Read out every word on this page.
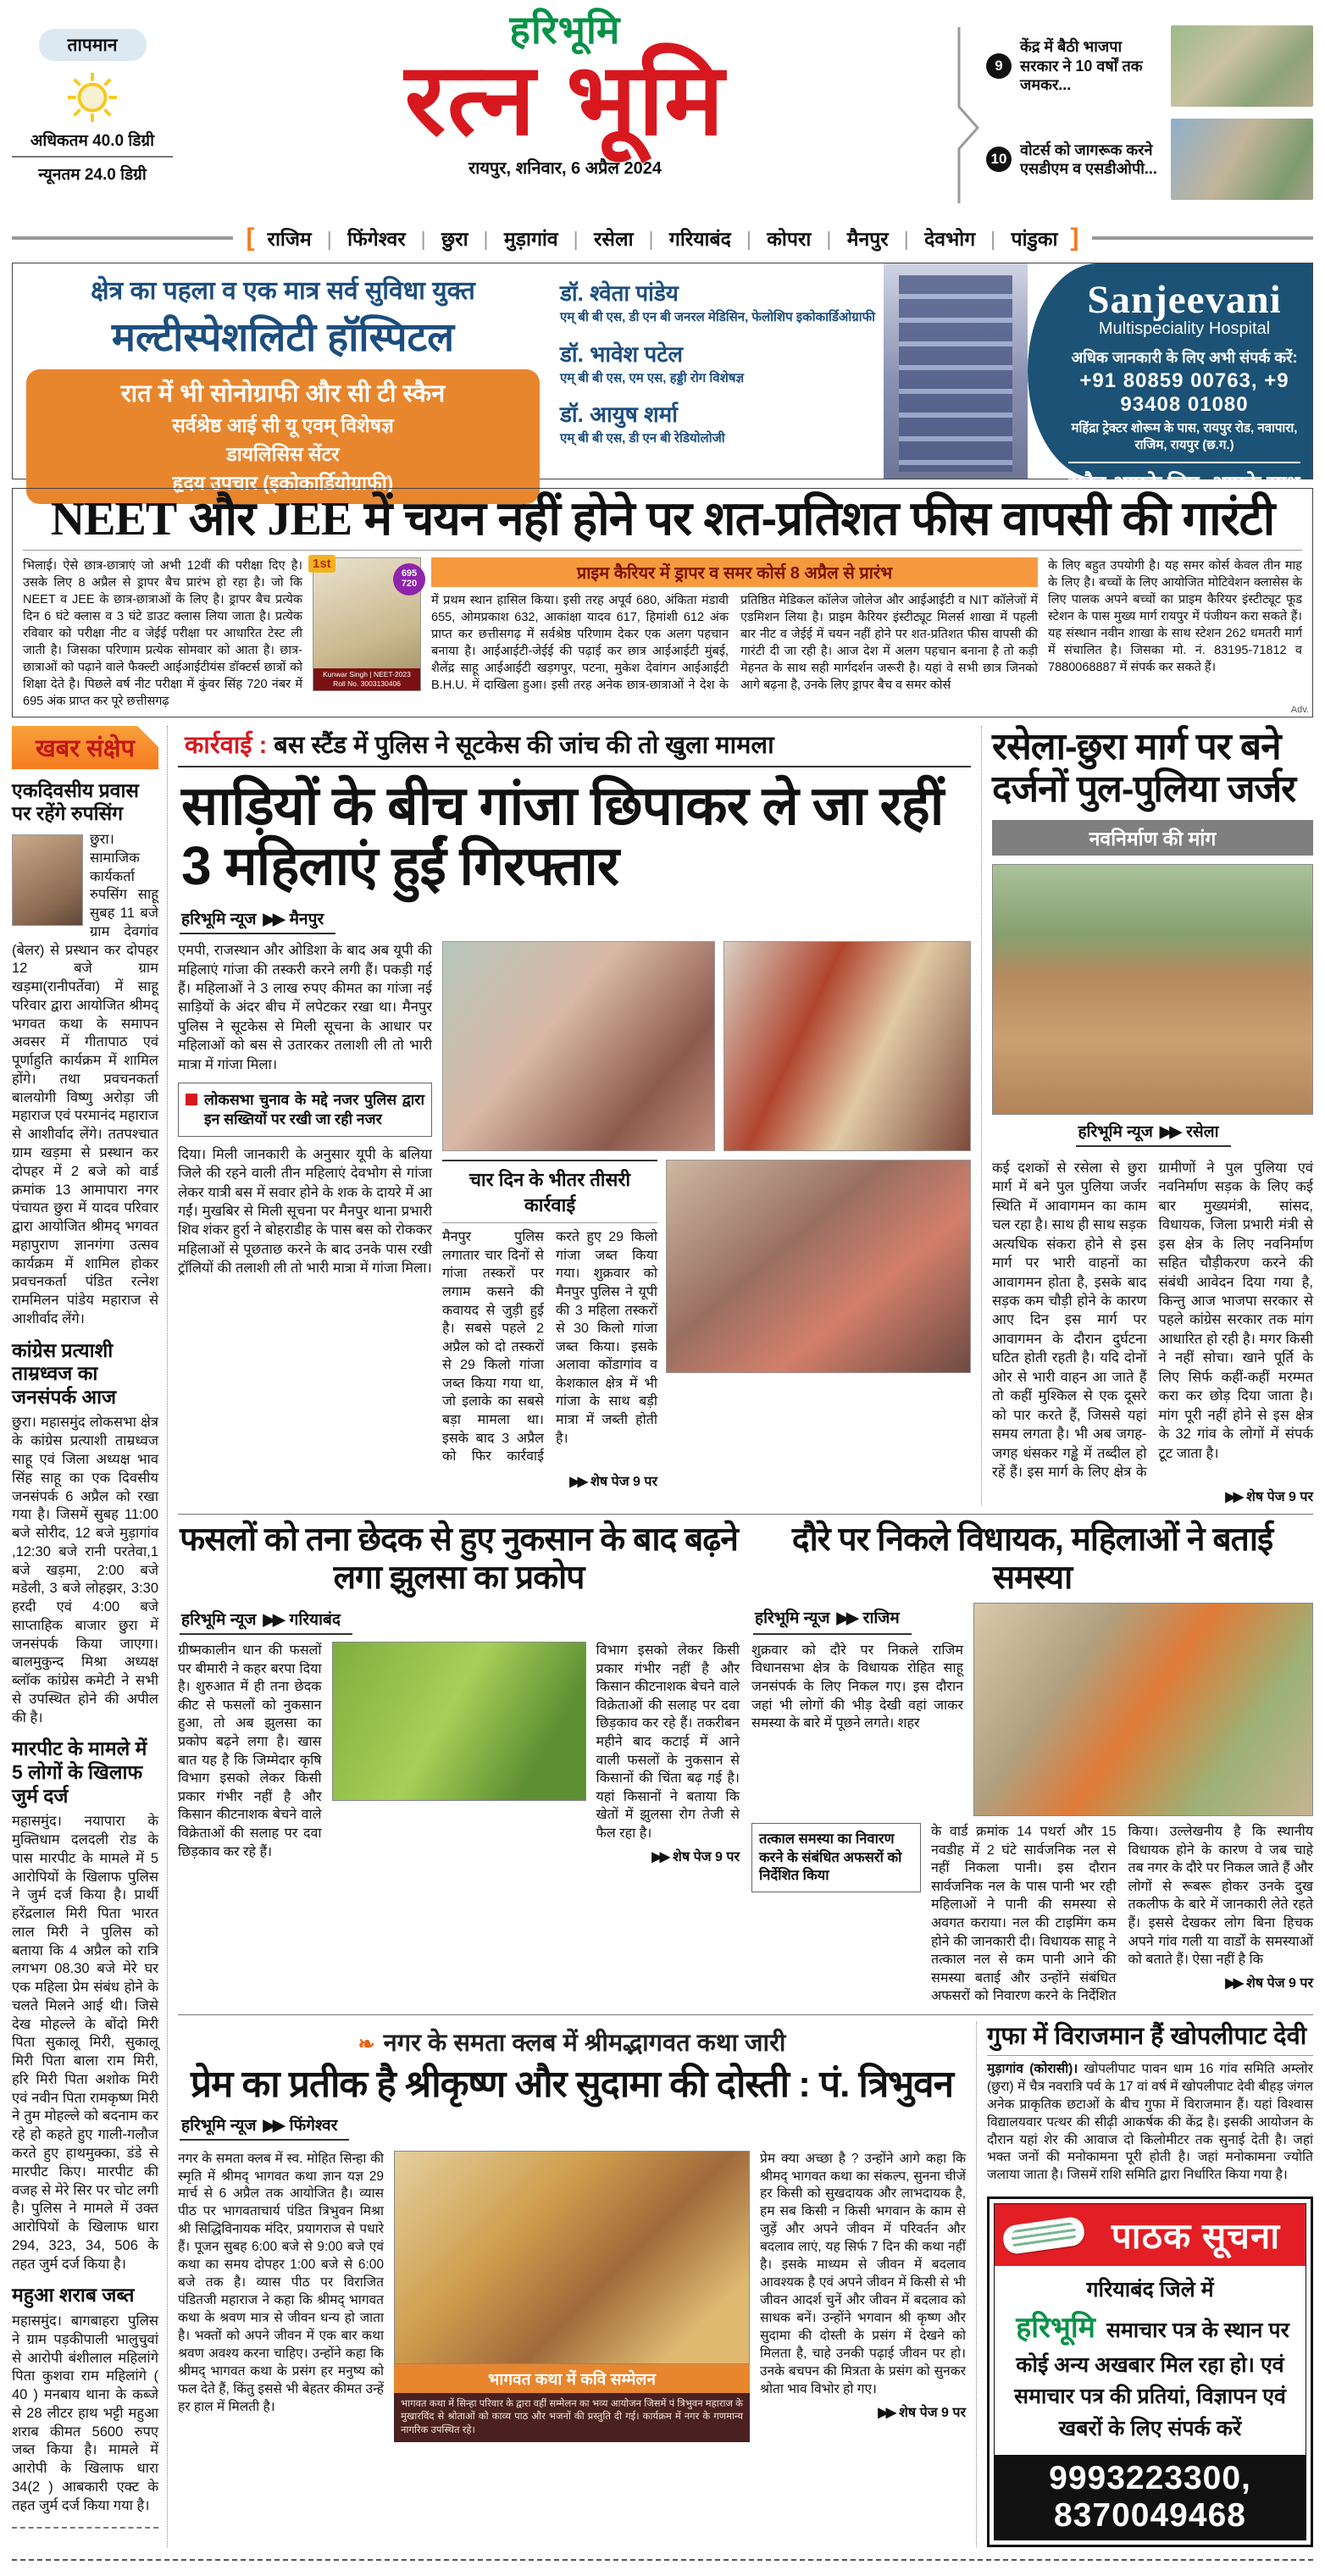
तापमान
अधिकतम 40.0 डिग्री
न्यूनतम 24.0 डिग्री
हरिभूमि
रत्न भूमि
रायपुर, शनिवार, 6 अप्रैल 2024
9
केंद्र में बैठी भाजपा सरकार ने 10 वर्षों तक जमकर...
10
वोटर्स को जागरूक करने एसडीएम व एसडीओपी...
[ राजिम	| फिंगेश्वर	| छुरा	| मुड़ागांव	| रसेला	| गरियाबंद	| कोपरा	| मैनपुर	| देवभोग	| पांडुका ]
क्षेत्र का पहला व एक मात्र सर्व सुविधा युक्त
मल्टीस्पेशलिटी हॉस्पिटल
रात में भी सोनोग्राफी और सी टी स्कैन
सर्वश्रेष्ठ आई सी यू एवम् विशेषज्ञ
डायलिसिस सेंटर
हृदय उपचार (इकोकार्डियोग्राफी)
डॉ. श्वेता पांडेय
एम् बी बी एस, डी एन बी जनरल मेडिसिन, फेलोशिप इकोकार्डिओग्राफी
डॉ. भावेश पटेल
एम् बी बी एस, एम एस, हड्डी रोग विशेषज्ञ
डॉ. आयुष शर्मा
एम् बी बी एस, डी एन बी रेडियोलोजी
Sanjeevani
Multispeciality Hospital
अधिक जानकारी के लिए अभी संपर्क करें:
+91 80859 00763, +9 93408 01080
महिंद्रा ट्रेक्टर शोरूम के पास, रायपुर रोड, नवापारा, राजिम, रायपुर (छ.ग.)
सदैव आपके लिए, आपके साथ
NEET और JEE में चयन नहीं होने पर शत-प्रतिशत फीस वापसी की गारंटी
भिलाई। ऐसे छात्र-छात्राएं जो अभी 12वीं की परीक्षा दिए है। उसके लिए 8 अप्रैल से ड्रापर बैच प्रारंभ हो रहा है। जो कि NEET व JEE के छात्र-छात्राओं के लिए है। ड्रापर बैच प्रत्येक दिन 6 घंटे क्लास व 3 घंटे डाउट क्लास लिया जाता है। प्रत्येक रविवार को परीक्षा नीट व जेईई परीक्षा पर आधारित टेस्ट ली जाती है। जिसका परिणाम प्रत्येक सोमवार को आता है। छात्र-छात्राओं को पढ़ाने वाले फैक्ल्टी आईआईटीयंस डॉक्टर्स छात्रों को शिक्षा देते है। पिछले वर्ष नीट परीक्षा में कुंवर सिंह 720 नंबर में 695 अंक प्राप्त कर पूरे छत्तीसगढ़
1st
695 720
Kunwar Singh | NEET-2023
Roll No. 3003130406
प्राइम कैरियर में ड्रापर व समर कोर्स 8 अप्रैल से प्रारंभ
में प्रथम स्थान हासिल किया। इसी तरह अपूर्व 680, अंकिता मंडावी 655, ओमप्रकाश 632, आकांक्षा यादव 617, हिमांशी 612 अंक प्राप्त कर छत्तीसगढ़ में सर्वश्रेष्ठ परिणाम देकर एक अलग पहचान बनाया है। आईआईटी-जेईई की पढ़ाई कर छात्र आईआईटी मुंबई, शैलेंद्र साहू आईआईटी खड़गपुर, पटना, मुकेश देवांगन आईआईटी B.H.U. में दाखिला हुआ। इसी तरह अनेक छात्र-छात्राओं ने देश के प्रतिष्ठित मेडिकल कॉलेज जोलेज और आईआईटी व NIT कॉलेजों में एडमिशन लिया है। प्राइम कैरियर इंस्टीट्यूट मिलर्स शाखा में पहली बार नीट व जेईई में चयन नहीं होने पर शत-प्रतिशत फीस वापसी की गारंटी दी जा रही है। आज देश में अलग पहचान बनाना है तो कड़ी मेहनत के साथ सही मार्गदर्शन जरूरी है। यहां वे सभी छात्र जिनको आगे बढ़ना है, उनके लिए ड्रापर बैच व समर कोर्स
के लिए बहुत उपयोगी है। यह समर कोर्स केवल तीन माह के लिए है। बच्चों के लिए आयोजित मोटिवेशन क्लासेस के लिए पालक अपने बच्चों का प्राइम कैरियर इंस्टीट्यूट फूड स्टेशन के पास मुख्य मार्ग रायपुर में पंजीयन करा सकते हैं। यह संस्थान नवीन शाखा के साथ स्टेशन 262 धमतरी मार्ग में संचालित है। जिसका मो. नं. 83195-71812 व 7880068887 में संपर्क कर सकते हैं।
Adv.
खबर संक्षेप
एकदिवसीय प्रवास पर रहेंगे रुपसिंग
छुरा। सामाजिक कार्यकर्ता रुपसिंग साहू सुबह 11 बजे ग्राम देवगांव (बेलर) से प्रस्थान कर दोपहर 12 बजे ग्राम खड़मा(रानीपर्तेवा) में साहू परिवार द्वारा आयोजित श्रीमद् भगवत कथा के समापन अवसर में गीतापाठ एवं पूर्णाहुति कार्यक्रम में शामिल होंगे। तथा प्रवचनकर्ता बालयोगी विष्णु अरोड़ा जी महाराज एवं परमानंद महाराज से आशीर्वाद लेंगे। ततपश्चात ग्राम खड़मा से प्रस्थान कर दोपहर में 2 बजे को वार्ड क्रमांक 13 आमापारा नगर पंचायत छुरा में यादव परिवार द्वारा आयोजित श्रीमद् भगवत महापुराण ज्ञानगंगा उत्सव कार्यक्रम में शामिल होकर प्रवचनकर्ता पंडित रत्नेश राममिलन पांडेय महाराज से आशीर्वाद लेंगे।
कांग्रेस प्रत्याशी ताम्रध्वज का जनसंपर्क आज
छुरा। महासमुंद लोकसभा क्षेत्र के कांग्रेस प्रत्याशी ताम्रध्वज साहू एवं जिला अध्यक्ष भाव सिंह साहू का एक दिवसीय जनसंपर्क 6 अप्रैल को रखा गया है। जिसमें सुबह 11:00 बजे सोरीद, 12 बजे मुड़ागांव ,12:30 बजे रानी परतेवा,1 बजे खड़मा, 2:00 बजे मडेली, 3 बजे लोहझर, 3:30 हरदी एवं 4:00 बजे साप्ताहिक बाजार छुरा में जनसंपर्क किया जाएगा। बालमुकुन्द मिश्रा अध्यक्ष ब्लॉक कांग्रेस कमेटी ने सभी से उपस्थित होने की अपील की है।
मारपीट के मामले में 5 लोगों के खिलाफ जुर्म दर्ज
महासमुंद। नयापारा के मुक्तिधाम दलदली रोड के पास मारपीट के मामले में 5 आरोपियों के खिलाफ पुलिस ने जुर्म दर्ज किया है। प्रार्थी हरेंद्रलाल मिरी पिता भारत लाल मिरी ने पुलिस को बताया कि 4 अप्रैल को रात्रि लगभग 08.30 बजे मेरे घर एक महिला प्रेम संबंध होने के चलते मिलने आई थी। जिसे देख मोहल्ले के बोंदो मिरी पिता सुकालू मिरी, सुकालू मिरी पिता बाला राम मिरी, हरि मिरी पिता अशोक मिरी एवं नवीन पिता रामकृष्ण मिरी ने तुम मोहल्ले को बदनाम कर रहे हो कहते हुए गाली-गलौज करते हुए हाथमुक्का, डंडे से मारपीट किए। मारपीट की वजह से मेरे सिर पर चोट लगी है। पुलिस ने मामले में उक्त आरोपियों के खिलाफ धारा 294, 323, 34, 506 के तहत जुर्म दर्ज किया है।
महुआ शराब जब्त
महासमुंद। बागबाहरा पुलिस ने ग्राम पड़कीपाली भालुचुवां से आरोपी बंशीलाल महिलांगे पिता कुशवा राम महिलांगे ( 40 ) मनबाय थाना के कब्जे से 28 लीटर हाथ भट्टी महुआ शराब कीमत 5600 रुपए जब्त किया है। मामले में आरोपी के खिलाफ धारा 34(2 ) आबकारी एक्ट के तहत जुर्म दर्ज किया गया है।
कार्रवाई : बस स्टैंड में पुलिस ने सूटकेस की जांच की तो खुला मामला
साड़ियों के बीच गांजा छिपाकर ले जा रहीं 3 महिलाएं हुईं गिरफ्तार
हरिभूमि न्यूज ▶▶ मैनपुर
एमपी, राजस्थान और ओडिशा के बाद अब यूपी की महिलाएं गांजा की तस्करी करने लगी हैं। पकड़ी गई हैं। महिलाओं ने 3 लाख रुपए कीमत का गांजा नई साड़ियों के अंदर बीच में लपेटकर रखा था। मैनपुर पुलिस ने सूटकेस से मिली सूचना के आधार पर महिलाओं को बस से उतारकर तलाशी ली तो भारी मात्रा में गांजा मिला।
लोकसभा चुनाव के मद्दे नजर पुलिस द्वारा इन सख्तियों पर रखी जा रही नजर
दिया। मिली जानकारी के अनुसार यूपी के बलिया जिले की रहने वाली तीन महिलाएं देवभोग से गांजा लेकर यात्री बस में सवार होने के शक के दायरे में आ गईं। मुखबिर से मिली सूचना पर मैनपुर थाना प्रभारी शिव शंकर हुर्रा ने बोहराडीह के पास बस को रोककर महिलाओं से पूछताछ करने के बाद उनके पास रखी ट्रॉलियों की तलाशी ली तो भारी मात्रा में गांजा मिला।
चार दिन के भीतर तीसरी कार्रवाई
मैनपुर पुलिस लगातार चार दिनों से गांजा तस्करों पर लगाम कसने की कवायद से जुड़ी हुई है। सबसे पहले 2 अप्रैल को दो तस्करों से 29 किलो गांजा जब्त किया गया था, जो इलाके का सबसे बड़ा मामला था। इसके बाद 3 अप्रैल को फिर कार्रवाई करते हुए 29 किलो गांजा जब्त किया गया। शुक्रवार को मैनपुर पुलिस ने यूपी की 3 महिला तस्करों से 30 किलो गांजा जब्त किया। इसके अलावा कोंडागांव व केशकाल क्षेत्र में भी गांजा के साथ बड़ी मात्रा में जब्ती होती है।
▶▶ शेष पेज 9 पर
रसेला-छुरा मार्ग पर बने दर्जनों पुल-पुलिया जर्जर
नवनिर्माण की मांग
हरिभूमि न्यूज ▶▶ रसेला
कई दशकों से रसेला से छुरा मार्ग में बने पुल पुलिया जर्जर स्थिति में आवागमन का काम चल रहा है। साथ ही साथ सड़क अत्यधिक संकरा होने से इस मार्ग पर भारी वाहनों का आवागमन होता है, इसके बाद सड़क कम चौड़ी होने के कारण आए दिन इस मार्ग पर आवागमन के दौरान दुर्घटना घटित होती रहती है। यदि दोनों ओर से भारी वाहन आ जाते हैं तो कहीं मुश्किल से एक दूसरे को पार करते हैं, जिससे यहां समय लगता है। भी अब जगह- जगह धंसकर गड्ढे में तब्दील हो रहें हैं। इस मार्ग के लिए क्षेत्र के ग्रामीणों ने पुल पुलिया एवं नवनिर्माण सड़क के लिए कई बार मुख्यमंत्री, सांसद, विधायक, जिला प्रभारी मंत्री से इस क्षेत्र के लिए नवनिर्माण सहित चौड़ीकरण करने की संबंधी आवेदन दिया गया है, किन्तु आज भाजपा सरकार से पहले कांग्रेस सरकार तक मांग आधारित हो रही है। मगर किसी ने नहीं सोचा। खाने पूर्ति के लिए सिर्फ कहीं-कहीं मरम्मत करा कर छोड़ दिया जाता है। मांग पूरी नहीं होने से इस क्षेत्र के 32 गांव के लोगों में संपर्क टूट जाता है।
▶▶ शेष पेज 9 पर
फसलों को तना छेदक से हुए नुकसान के बाद बढ़ने लगा झुलसा का प्रकोप
हरिभूमि न्यूज ▶▶ गरियाबंद
ग्रीष्मकालीन धान की फसलों पर बीमारी ने कहर बरपा दिया है। शुरुआत में ही तना छेदक कीट से फसलों को नुकसान हुआ, तो अब झुलसा का प्रकोप बढ़ने लगा है। खास बात यह है कि जिम्मेदार कृषि विभाग इसको लेकर किसी प्रकार गंभीर नहीं है और किसान कीटनाशक बेचने वाले विक्रेताओं की सलाह पर दवा छिड़काव कर रहे हैं।
विभाग इसको लेकर किसी प्रकार गंभीर नहीं है और किसान कीटनाशक बेचने वाले विक्रेताओं की सलाह पर दवा छिड़काव कर रहे हैं। तकरीबन महीने बाद कटाई में आने वाली फसलों के नुकसान से किसानों की चिंता बढ़ गई है। यहां किसानों ने बताया कि खेतों में झुलसा रोग तेजी से फैल रहा है।
▶▶ शेष पेज 9 पर
दौरे पर निकले विधायक, महिलाओं ने बताई समस्या
हरिभूमि न्यूज ▶▶ राजिम
शुक्रवार को दौरे पर निकले राजिम विधानसभा क्षेत्र के विधायक रोहित साहू जनसंपर्क के लिए निकल गए। इस दौरान जहां भी लोगों की भीड़ देखी वहां जाकर समस्या के बारे में पूछने लगते। शहर
तत्काल समस्या का निवारण करने के संबंधित अफसरों को निर्देशित किया
के वार्ड क्रमांक 14 पथर्रा और 15 नवडीह में 2 घंटे सार्वजनिक नल से नहीं निकला पानी। इस दौरान सार्वजनिक नल के पास पानी भर रही महिलाओं ने पानी की समस्या से अवगत कराया। नल की टाइमिंग कम होने की जानकारी दी। विधायक साहू ने तत्काल नल से कम पानी आने की समस्या बताई और उन्होंने संबंधित अफसरों को निवारण करने के निर्देशित किया। उल्लेखनीय है कि स्थानीय विधायक होने के कारण वे जब चाहे तब नगर के दौरे पर निकल जाते हैं और लोगों से रूबरू होकर उनके दुख तकलीफ के बारे में जानकारी लेते रहते हैं। इससे देखकर लोग बिना हिचक अपने गांव गली या वार्डों के समस्याओं को बताते हैं। ऐसा नहीं है कि
▶▶ शेष पेज 9 पर
❧ नगर के समता क्लब में श्रीमद्भागवत कथा जारी
प्रेम का प्रतीक है श्रीकृष्ण और सुदामा की दोस्ती : पं. त्रिभुवन
हरिभूमि न्यूज ▶▶ फिंगेश्वर
नगर के समता क्लब में स्व. मोहित सिन्हा की स्मृति में श्रीमद् भागवत कथा ज्ञान यज्ञ 29 मार्च से 6 अप्रैल तक आयोजित है। व्यास पीठ पर भागवताचार्य पंडित त्रिभुवन मिश्रा श्री सिद्धिविनायक मंदिर, प्रयागराज से पधारे हैं। पूजन सुबह 6:00 बजे से 9:00 बजे एवं कथा का समय दोपहर 1:00 बजे से 6:00 बजे तक है। व्यास पीठ पर विराजित पंडितजी महाराज ने कहा कि श्रीमद् भागवत कथा के श्रवण मात्र से जीवन धन्य हो जाता है। भक्तों को अपने जीवन में एक बार कथा श्रवण अवश्य करना चाहिए। उन्होंने कहा कि श्रीमद् भागवत कथा के प्रसंग हर मनुष्य को फल देते हैं, किंतु इससे भी बेहतर कीमत उन्हें हर हाल में मिलती है।
भागवत कथा में कवि सम्मेलन
भागवत कथा में सिन्हा परिवार के द्वारा वहीं सम्मेलन का भव्य आयोजन जिसमें पं त्रिभुवन महाराज के मुखारविंद से श्रोताओं को काव्य पाठ और भजनों की प्रस्तुति दी गई। कार्यक्रम में नगर के गणमान्य नागरिक उपस्थित रहे।
प्रेम क्या अच्छा है ? उन्होंने आगे कहा कि श्रीमद् भागवत कथा का संकल्प, सुनना चीजें हर किसी को सुखदायक और लाभदायक है, हम सब किसी न किसी भगवान के काम से जुड़ें और अपने जीवन में परिवर्तन और बदलाव लाएं, यह सिर्फ 7 दिन की कथा नहीं है। इसके माध्यम से जीवन में बदलाव आवश्यक है एवं अपने जीवन में किसी से भी जीवन आदर्श चुनें और जीवन में बदलाव को साधक बनें। उन्होंने भगवान श्री कृष्ण और सुदामा की दोस्ती के प्रसंग में देखने को मिलता है, चाहे उनकी पढ़ाई जीवन पर हो। उनके बचपन की मित्रता के प्रसंग को सुनकर श्रोता भाव विभोर हो गए।
▶▶ शेष पेज 9 पर
गुफा में विराजमान हैं खोपलीपाट देवी
मुड़ागांव (कोरासी)। खोपलीपाट पावन धाम 16 गांव समिति अम्लोर (छुरा) में चैत्र नवरात्रि पर्व के 17 वां वर्ष में खोपलीपाट देवी बीहड़ जंगल अनेक प्राकृतिक छटाओं के बीच गुफा में विराजमान हैं। यहां विश्वास विद्यालयवार पत्थर की सीढ़ी आकर्षक की केंद्र है। इसकी आयोजन के दौरान यहां शेर की आवाज दो किलोमीटर तक सुनाई देती है। जहां भक्त जनों की मनोकामना पूरी होती है। जहां मनोकामना ज्योति जलाया जाता है। जिसमें राशि समिति द्वारा निर्धारित किया गया है।
पाठक सूचना
गरियाबंद जिले में
हरिभूमि समाचार पत्र के स्थान पर कोई अन्य अखबार मिल रहा हो। एवं समाचार पत्र की प्रतियां, विज्ञापन एवं खबरों के लिए संपर्क करें
9993223300, 8370049468
